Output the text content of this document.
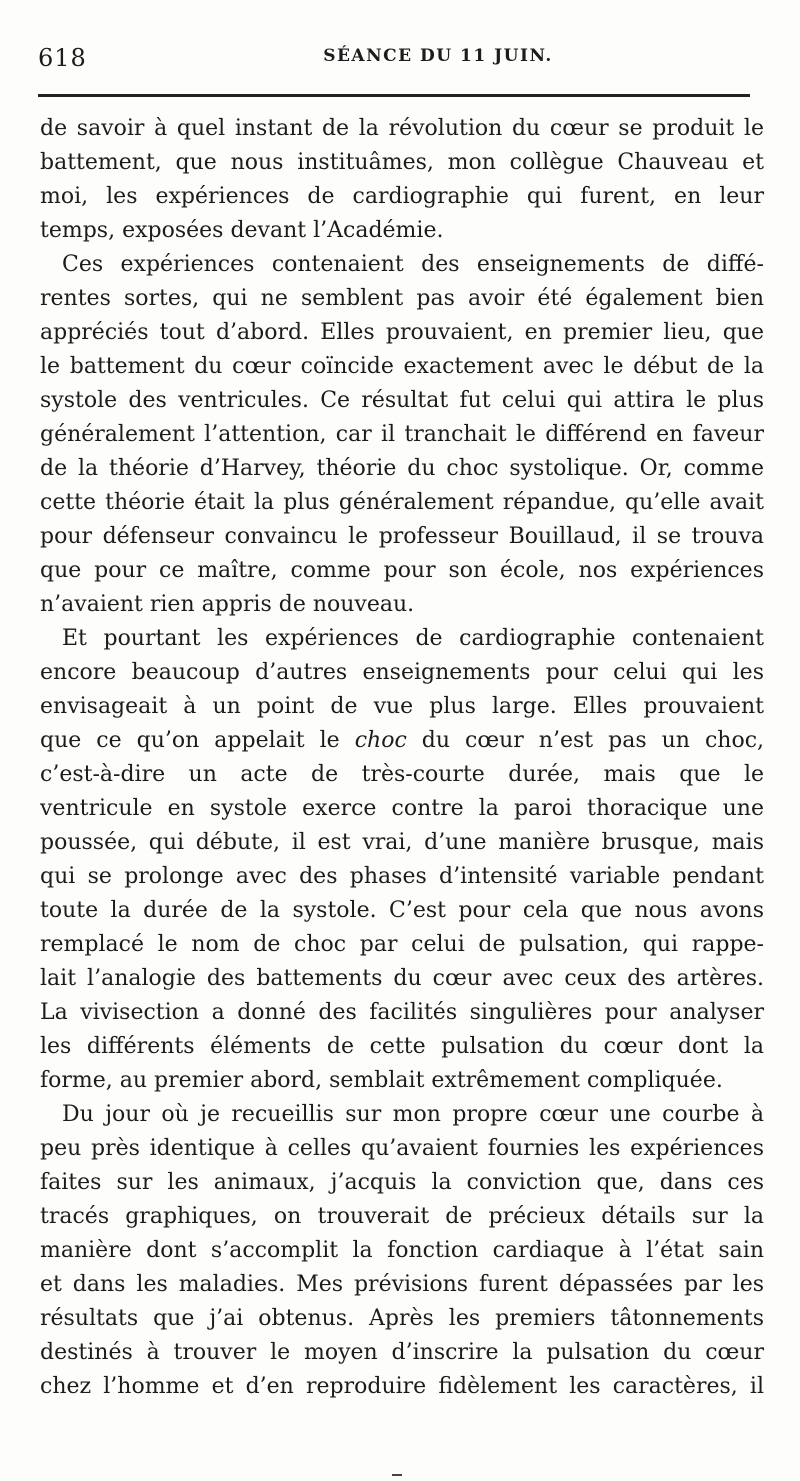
618	SÉANCE DU 11 JUIN.
de savoir à quel instant de la révolution du cœur se produit le
battement, que nous instituâmes, mon collègue Chauveau et
moi, les expériences de cardiographie qui furent, en leur
temps, exposées devant l’Académie.
Ces expériences contenaient des enseignements de diffé-
rentes sortes, qui ne semblent pas avoir été également bien
appréciés tout d’abord. Elles prouvaient, en premier lieu, que
le battement du cœur coïncide exactement avec le début de la
systole des ventricules. Ce résultat fut celui qui attira le plus
généralement l’attention, car il tranchait le différend en faveur
de la théorie d’Harvey, théorie du choc systolique. Or, comme
cette théorie était la plus généralement répandue, qu’elle avait
pour défenseur convaincu le professeur Bouillaud, il se trouva
que pour ce maître, comme pour son école, nos expériences
n’avaient rien appris de nouveau.
Et pourtant les expériences de cardiographie contenaient
encore beaucoup d’autres enseignements pour celui qui les
envisageait à un point de vue plus large. Elles prouvaient
que ce qu’on appelait le choc du cœur n’est pas un choc,
c’est-à-dire un acte de très-courte durée, mais que le
ventricule en systole exerce contre la paroi thoracique une
poussée, qui débute, il est vrai, d’une manière brusque, mais
qui se prolonge avec des phases d’intensité variable pendant
toute la durée de la systole. C’est pour cela que nous avons
remplacé le nom de choc par celui de pulsation, qui rappe-
lait l’analogie des battements du cœur avec ceux des artères.
La vivisection a donné des facilités singulières pour analyser
les différents éléments de cette pulsation du cœur dont la
forme, au premier abord, semblait extrêmement compliquée.
Du jour où je recueillis sur mon propre cœur une courbe à
peu près identique à celles qu’avaient fournies les expériences
faites sur les animaux, j’acquis la conviction que, dans ces
tracés graphiques, on trouverait de précieux détails sur la
manière dont s’accomplit la fonction cardiaque à l’état sain
et dans les maladies. Mes prévisions furent dépassées par les
résultats que j’ai obtenus. Après les premiers tâtonnements
destinés à trouver le moyen d’inscrire la pulsation du cœur
chez l’homme et d’en reproduire fidèlement les caractères, il
